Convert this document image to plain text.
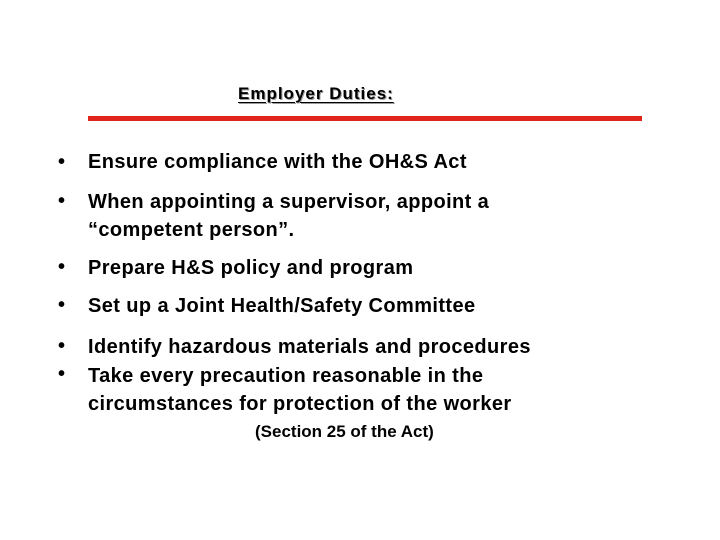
Employer Duties:
• Ensure compliance with the OH&S Act
• When appointing a supervisor, appoint a
“competent person”.
• Prepare H&S policy and program
• Set up a Joint Health/Safety Committee
• Identify hazardous materials and procedures
• Take every precaution reasonable in the
circumstances for protection of the worker
(Section 25 of the Act)
